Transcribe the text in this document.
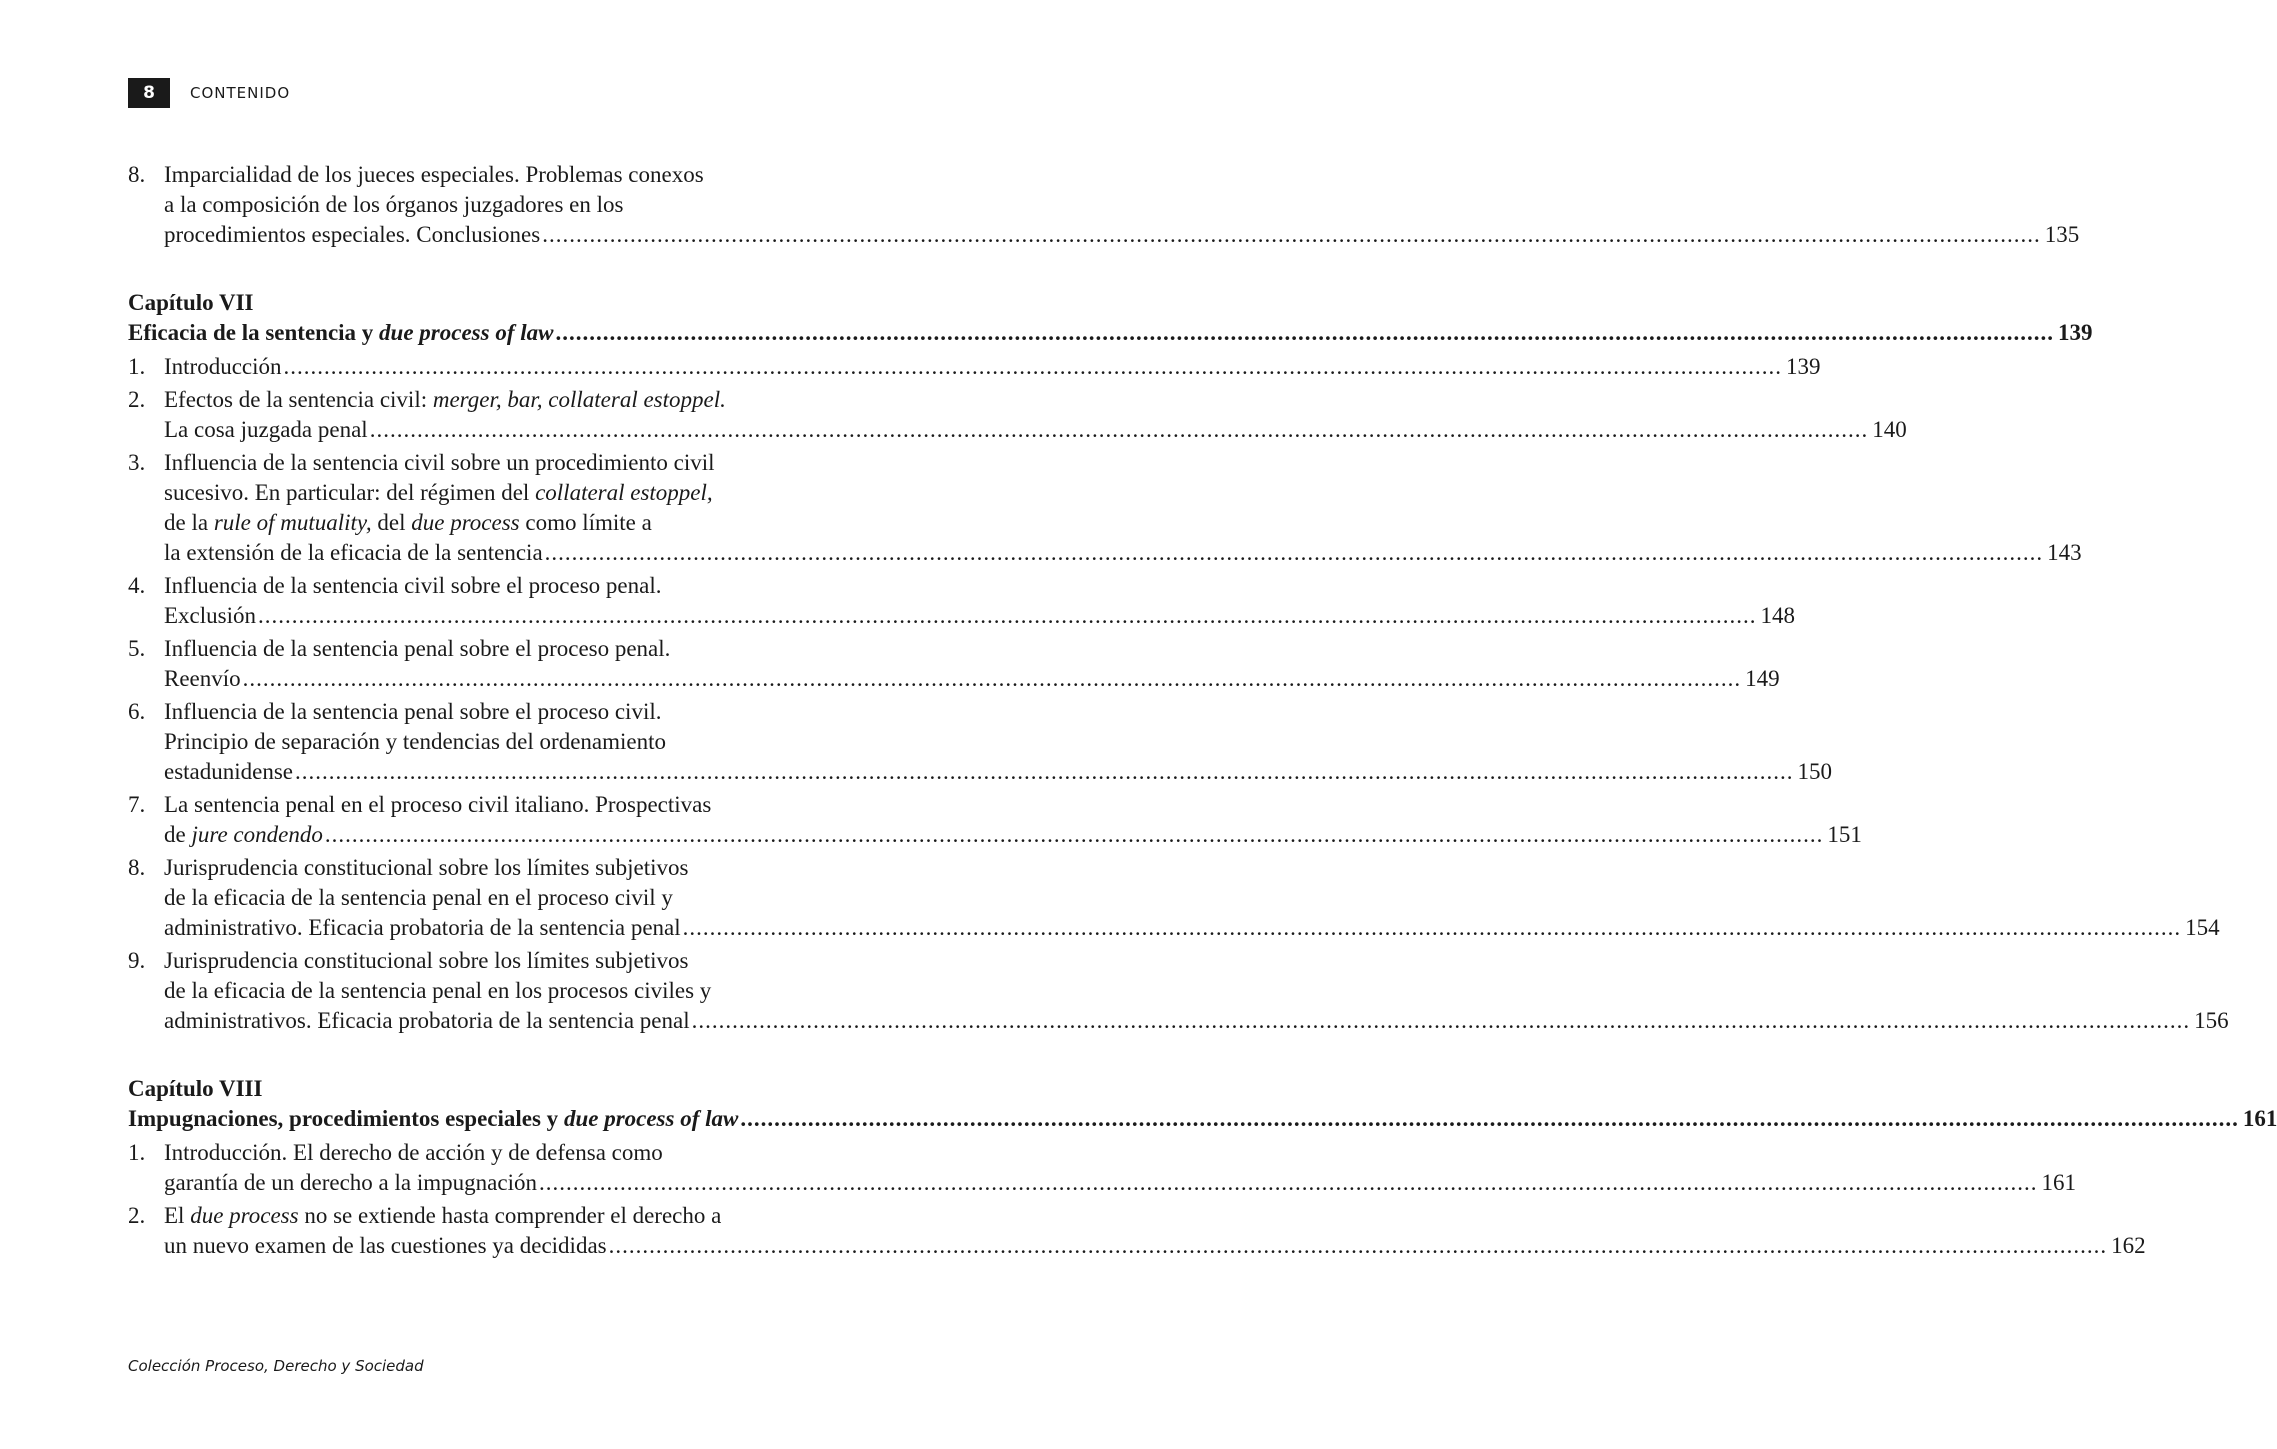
8	CONTENIDO
8. Imparcialidad de los jueces especiales. Problemas conexos
a la composición de los órganos juzgadores en los
procedimientos especiales. Conclusiones .....	135
Capítulo VII
Eficacia de la sentencia y due process of law .....	139
1. Introducción .....	139
2. Efectos de la sentencia civil: merger, bar, collateral estoppel.
La cosa juzgada penal .....	140
3. Influencia de la sentencia civil sobre un procedimiento civil
sucesivo. En particular: del régimen del collateral estoppel,
de la rule of mutuality, del due process como límite a
la extensión de la eficacia de la sentencia .....	143
4. Influencia de la sentencia civil sobre el proceso penal.
Exclusión .....	148
5. Influencia de la sentencia penal sobre el proceso penal.
Reenvío .....	149
6. Influencia de la sentencia penal sobre el proceso civil.
Principio de separación y tendencias del ordenamiento
estadunidense .....	150
7. La sentencia penal en el proceso civil italiano. Prospectivas
de jure condendo .....	151
8. Jurisprudencia constitucional sobre los límites subjetivos
de la eficacia de la sentencia penal en el proceso civil y
administrativo. Eficacia probatoria de la sentencia penal .....	154
9. Jurisprudencia constitucional sobre los límites subjetivos
de la eficacia de la sentencia penal en los procesos civiles y
administrativos. Eficacia probatoria de la sentencia penal .....	156
Capítulo VIII
Impugnaciones, procedimientos especiales y due process of law .....	161
1. Introducción. El derecho de acción y de defensa como
garantía de un derecho a la impugnación .....	161
2. El due process no se extiende hasta comprender el derecho a
un nuevo examen de las cuestiones ya decididas .....	162
Colección Proceso, Derecho y Sociedad
